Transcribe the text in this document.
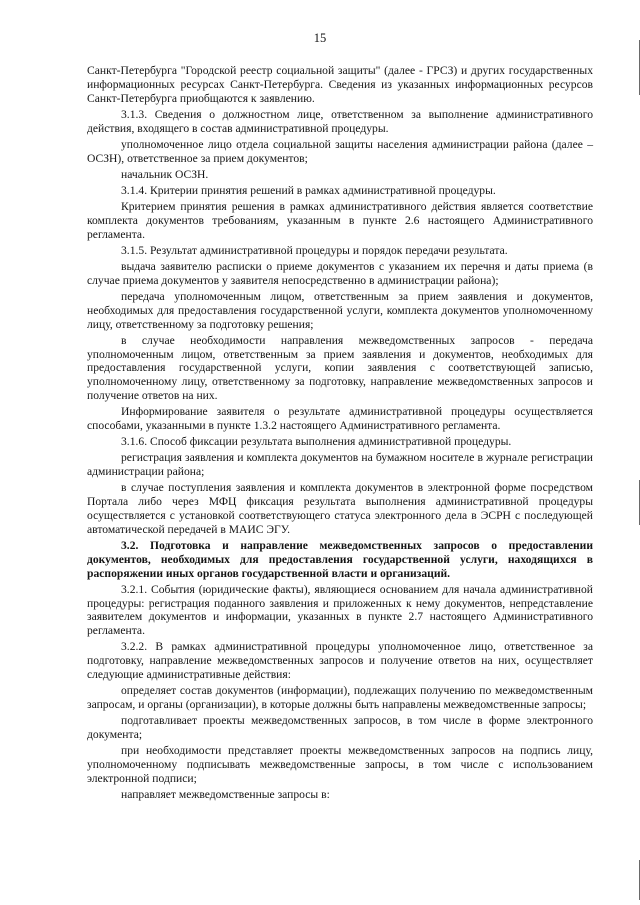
15

Санкт-Петербурга "Городской реестр социальной защиты" (далее - ГРСЗ) и других государственных информационных ресурсах Санкт-Петербурга. Сведения из указанных информационных ресурсов Санкт-Петербурга приобщаются к заявлению.

3.1.3. Сведения о должностном лице, ответственном за выполнение административного действия, входящего в состав административной процедуры.

уполномоченное лицо отдела социальной защиты населения администрации района (далее – ОСЗН), ответственное за прием документов;

начальник ОСЗН.

3.1.4. Критерии принятия решений в рамках административной процедуры.

Критерием принятия решения в рамках административного действия является соответствие комплекта документов требованиям, указанным в пункте 2.6 настоящего Административного регламента.

3.1.5. Результат административной процедуры и порядок передачи результата.

выдача заявителю расписки о приеме документов с указанием их перечня и даты приема (в случае приема документов у заявителя непосредственно в администрации района);

передача уполномоченным лицом, ответственным за прием заявления и документов, необходимых для предоставления государственной услуги, комплекта документов уполномоченному лицу, ответственному за подготовку решения;

в случае необходимости направления межведомственных запросов - передача уполномоченным лицом, ответственным за прием заявления и документов, необходимых для предоставления государственной услуги, копии заявления с соответствующей записью, уполномоченному лицу, ответственному за подготовку, направление межведомственных запросов и получение ответов на них.

Информирование заявителя о результате административной процедуры осуществляется способами, указанными в пункте 1.3.2 настоящего Административного регламента.

3.1.6. Способ фиксации результата выполнения административной процедуры.

регистрация заявления и комплекта документов на бумажном носителе в журнале регистрации администрации района;

в случае поступления заявления и комплекта документов в электронной форме посредством Портала либо через МФЦ фиксация результата выполнения административной процедуры осуществляется с установкой соответствующего статуса электронного дела в ЭСРН с последующей автоматической передачей в МАИС ЭГУ.

3.2. Подготовка и направление межведомственных запросов о предоставлении документов, необходимых для предоставления государственной услуги, находящихся в распоряжении иных органов государственной власти и организаций.

3.2.1. События (юридические факты), являющиеся основанием для начала административной процедуры: регистрация поданного заявления и приложенных к нему документов, непредставление заявителем документов и информации, указанных в пункте 2.7 настоящего Административного регламента.

3.2.2. В рамках административной процедуры уполномоченное лицо, ответственное за подготовку, направление межведомственных запросов и получение ответов на них, осуществляет следующие административные действия:

определяет состав документов (информации), подлежащих получению по межведомственным запросам, и органы (организации), в которые должны быть направлены межведомственные запросы;

подготавливает проекты межведомственных запросов, в том числе в форме электронного документа;

при необходимости представляет проекты межведомственных запросов на подпись лицу, уполномоченному подписывать межведомственные запросы, в том числе с использованием электронной подписи;

направляет межведомственные запросы в:
